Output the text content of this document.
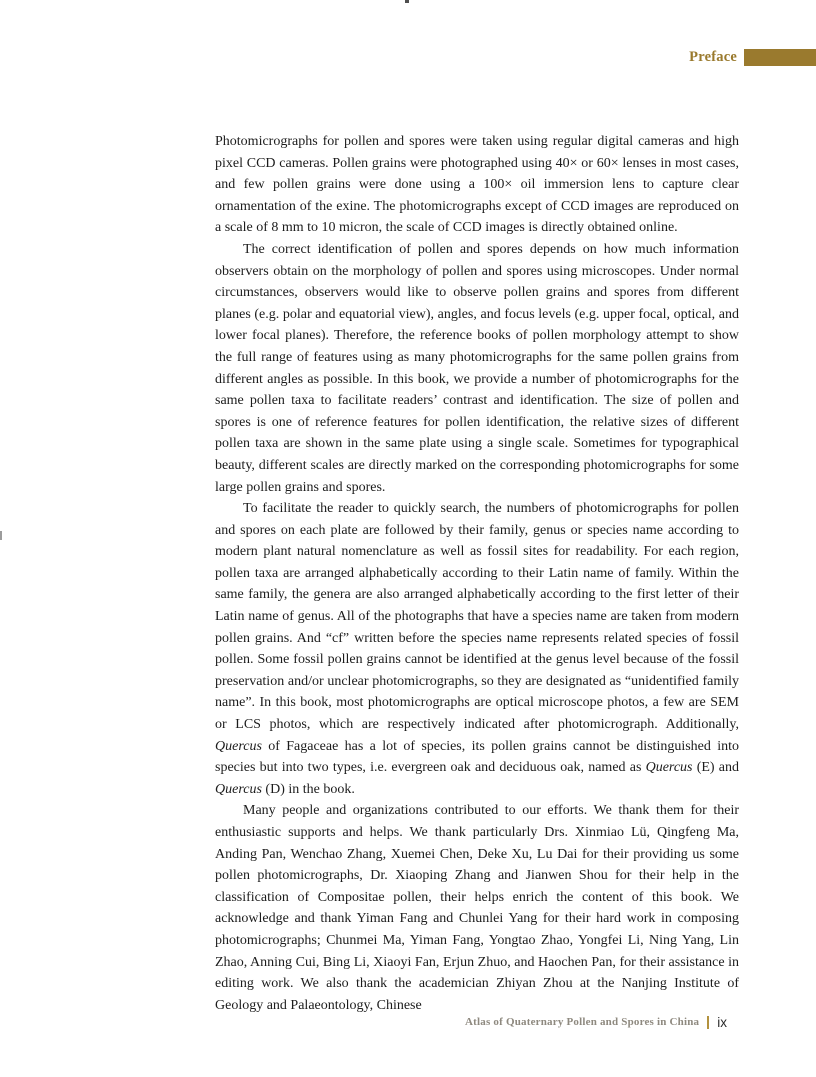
Preface

Photomicrographs for pollen and spores were taken using regular digital cameras and high pixel CCD cameras. Pollen grains were photographed using 40× or 60× lenses in most cases, and few pollen grains were done using a 100× oil immersion lens to capture clear ornamentation of the exine. The photomicrographs except of CCD images are reproduced on a scale of 8 mm to 10 micron, the scale of CCD images is directly obtained online.

The correct identification of pollen and spores depends on how much information observers obtain on the morphology of pollen and spores using microscopes. Under normal circumstances, observers would like to observe pollen grains and spores from different planes (e.g. polar and equatorial view), angles, and focus levels (e.g. upper focal, optical, and lower focal planes). Therefore, the reference books of pollen morphology attempt to show the full range of features using as many photomicrographs for the same pollen grains from different angles as possible. In this book, we provide a number of photomicrographs for the same pollen taxa to facilitate readers’ contrast and identification. The size of pollen and spores is one of reference features for pollen identification, the relative sizes of different pollen taxa are shown in the same plate using a single scale. Sometimes for typographical beauty, different scales are directly marked on the corresponding photomicrographs for some large pollen grains and spores.

To facilitate the reader to quickly search, the numbers of photomicrographs for pollen and spores on each plate are followed by their family, genus or species name according to modern plant natural nomenclature as well as fossil sites for readability. For each region, pollen taxa are arranged alphabetically according to their Latin name of family. Within the same family, the genera are also arranged alphabetically according to the first letter of their Latin name of genus. All of the photographs that have a species name are taken from modern pollen grains. And “cf” written before the species name represents related species of fossil pollen. Some fossil pollen grains cannot be identified at the genus level because of the fossil preservation and/or unclear photomicrographs, so they are designated as “unidentified family name”. In this book, most photomicrographs are optical microscope photos, a few are SEM or LCS photos, which are respectively indicated after photomicrograph. Additionally, Quercus of Fagaceae has a lot of species, its pollen grains cannot be distinguished into species but into two types, i.e. evergreen oak and deciduous oak, named as Quercus (E) and Quercus (D) in the book.

Many people and organizations contributed to our efforts. We thank them for their enthusiastic supports and helps. We thank particularly Drs. Xinmiao Lü, Qingfeng Ma, Anding Pan, Wenchao Zhang, Xuemei Chen, Deke Xu, Lu Dai for their providing us some pollen photomicrographs, Dr. Xiaoping Zhang and Jianwen Shou for their help in the classification of Compositae pollen, their helps enrich the content of this book. We acknowledge and thank Yiman Fang and Chunlei Yang for their hard work in composing photomicrographs; Chunmei Ma, Yiman Fang, Yongtao Zhao, Yongfei Li, Ning Yang, Lin Zhao, Anning Cui, Bing Li, Xiaoyi Fan, Erjun Zhuo, and Haochen Pan, for their assistance in editing work. We also thank the academician Zhiyan Zhou at the Nanjing Institute of Geology and Palaeontology, Chinese

Atlas of Quaternary Pollen and Spores in China ix
